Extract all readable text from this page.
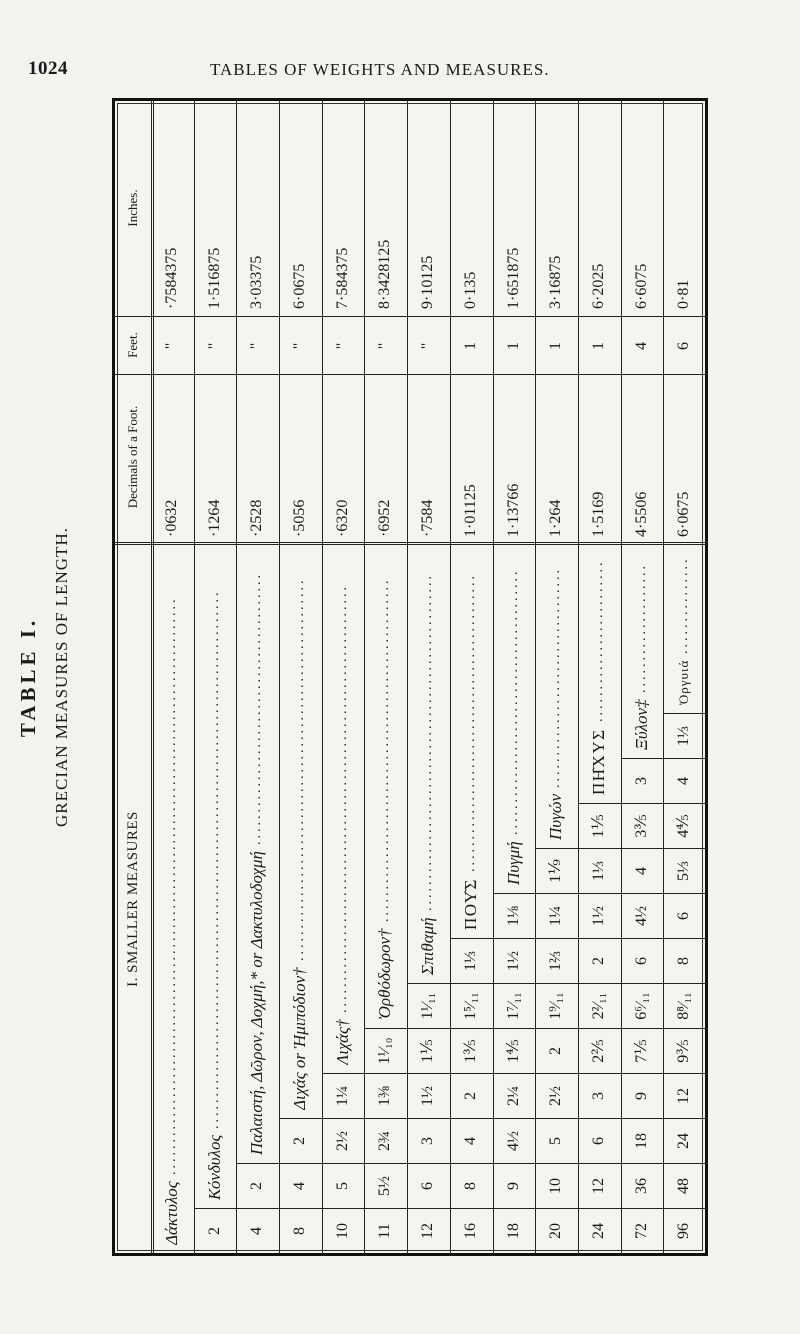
1024	TABLES OF WEIGHTS AND MEASURES.
TABLE I. GRECIAN MEASURES OF LENGTH.
I. SMALLER MEASURES
Decimals of a Foot.
Feet.
Inches.
Δάκτυλος
.........................................................................................
·0632
"
·7584375
2
Κόνδυλος
...................................................................................
·1264
"
1·516875
4
2
Παλαιστή, Δῶρον, Δοχμή,* or Δακτυλοδοχμή
..........................................
·2528
"
3·03375
8
4
2
Διχάς or Ἡμιπόδιον†
...........................................................
·5056
"
6·0675
10
5
2½
1¼
Λιχάς†
..................................................................
·6320
"
7·584375
11
5½
2¾
1⅜
1¹⁄₁₀
Ὀρθόδωρον†
.....................................................
·6952
"
8·3428125
12
6
3
1½
1⅕
1¹⁄₁₁
Σπιθαμή
....................................................
·7584
"
9·10125
16
8
4
2
1⅗
1⁵⁄₁₁
1⅓
ΠΟΥ͂Σ
..............................................
1·01125
1
0·135
18
9
4½
2¼
1⅘
1⁷⁄₁₁
1½
1⅛
Πυγμή
.........................................
1·13766
1
1·651875
20
10
5
2½
2
1⁹⁄₁₁
1⅔
1¼
1⅑
Πυγών
..................................
1·264
1
3·16875
24
12
6
3
2⅖
2²⁄₁₁
2
1½
1⅓
1⅕
ΠΗ͂ΧΥΣ
.........................
1·5169
1
6·2025
72
36
18
9
7⅕
6⁶⁄₁₁
6
4½
4
3⅗
3
Ξύλον‡
....................
4·5506
4
6·6075
96
48
24
12
9⅗
8⁸⁄₁₁
8
6
5⅓
4⅘
4
1⅓
Ὀργυιά
...............
6·0675
6
0·81
